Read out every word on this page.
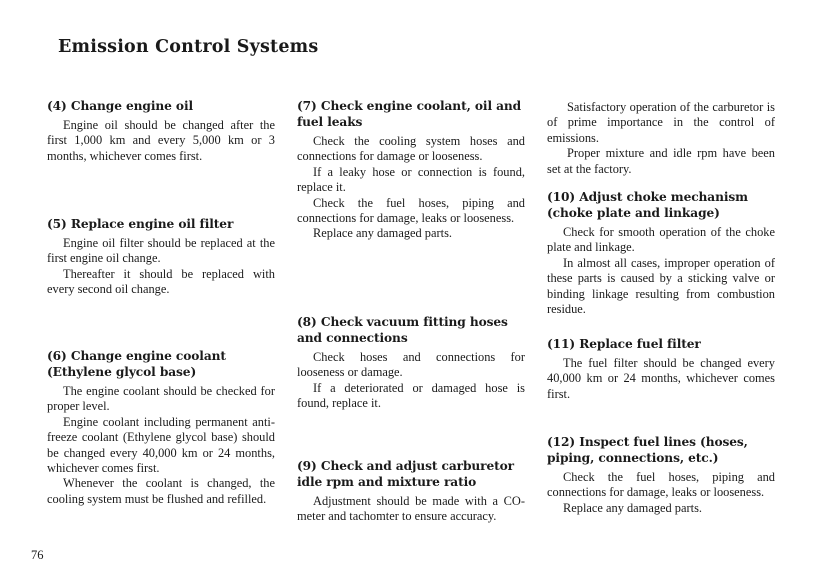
Emission Control Systems
(4) Change engine oil

Engine oil should be changed after the first 1,000 km and every 5,000 km or 3 months, whichever comes first.

(5) Replace engine oil filter

Engine oil filter should be replaced at the first engine oil change.

Thereafter it should be replaced with every second oil change.

(6) Change engine coolant (Ethylene glycol base)

The engine coolant should be checked for proper level.

Engine coolant including permanent anti-freeze coolant (Ethylene glycol base) should be changed every 40,000 km or 24 months, whichever comes first.

Whenever the coolant is changed, the cooling system must be flushed and refilled.

(7) Check engine coolant, oil and fuel leaks

Check the cooling system hoses and connections for damage or looseness.

If a leaky hose or connection is found, replace it.

Check the fuel hoses, piping and connections for damage, leaks or looseness.

Replace any damaged parts.

(8) Check vacuum fitting hoses and connections

Check hoses and connections for looseness or damage.

If a deteriorated or damaged hose is found, replace it.

(9) Check and adjust carburetor idle rpm and mixture ratio

Adjustment should be made with a CO-meter and tachomter to ensure accuracy.

Satisfactory operation of the carburetor is of prime importance in the control of emissions.

Proper mixture and idle rpm have been set at the factory.

(10) Adjust choke mechanism (choke plate and linkage)

Check for smooth operation of the choke plate and linkage.

In almost all cases, improper operation of these parts is caused by a sticking valve or binding linkage resulting from combustion residue.

(11) Replace fuel filter

The fuel filter should be changed every 40,000 km or 24 months, whichever comes first.

(12) Inspect fuel lines (hoses, piping, connections, etc.)

Check the fuel hoses, piping and connections for damage, leaks or looseness.

Replace any damaged parts.

76
